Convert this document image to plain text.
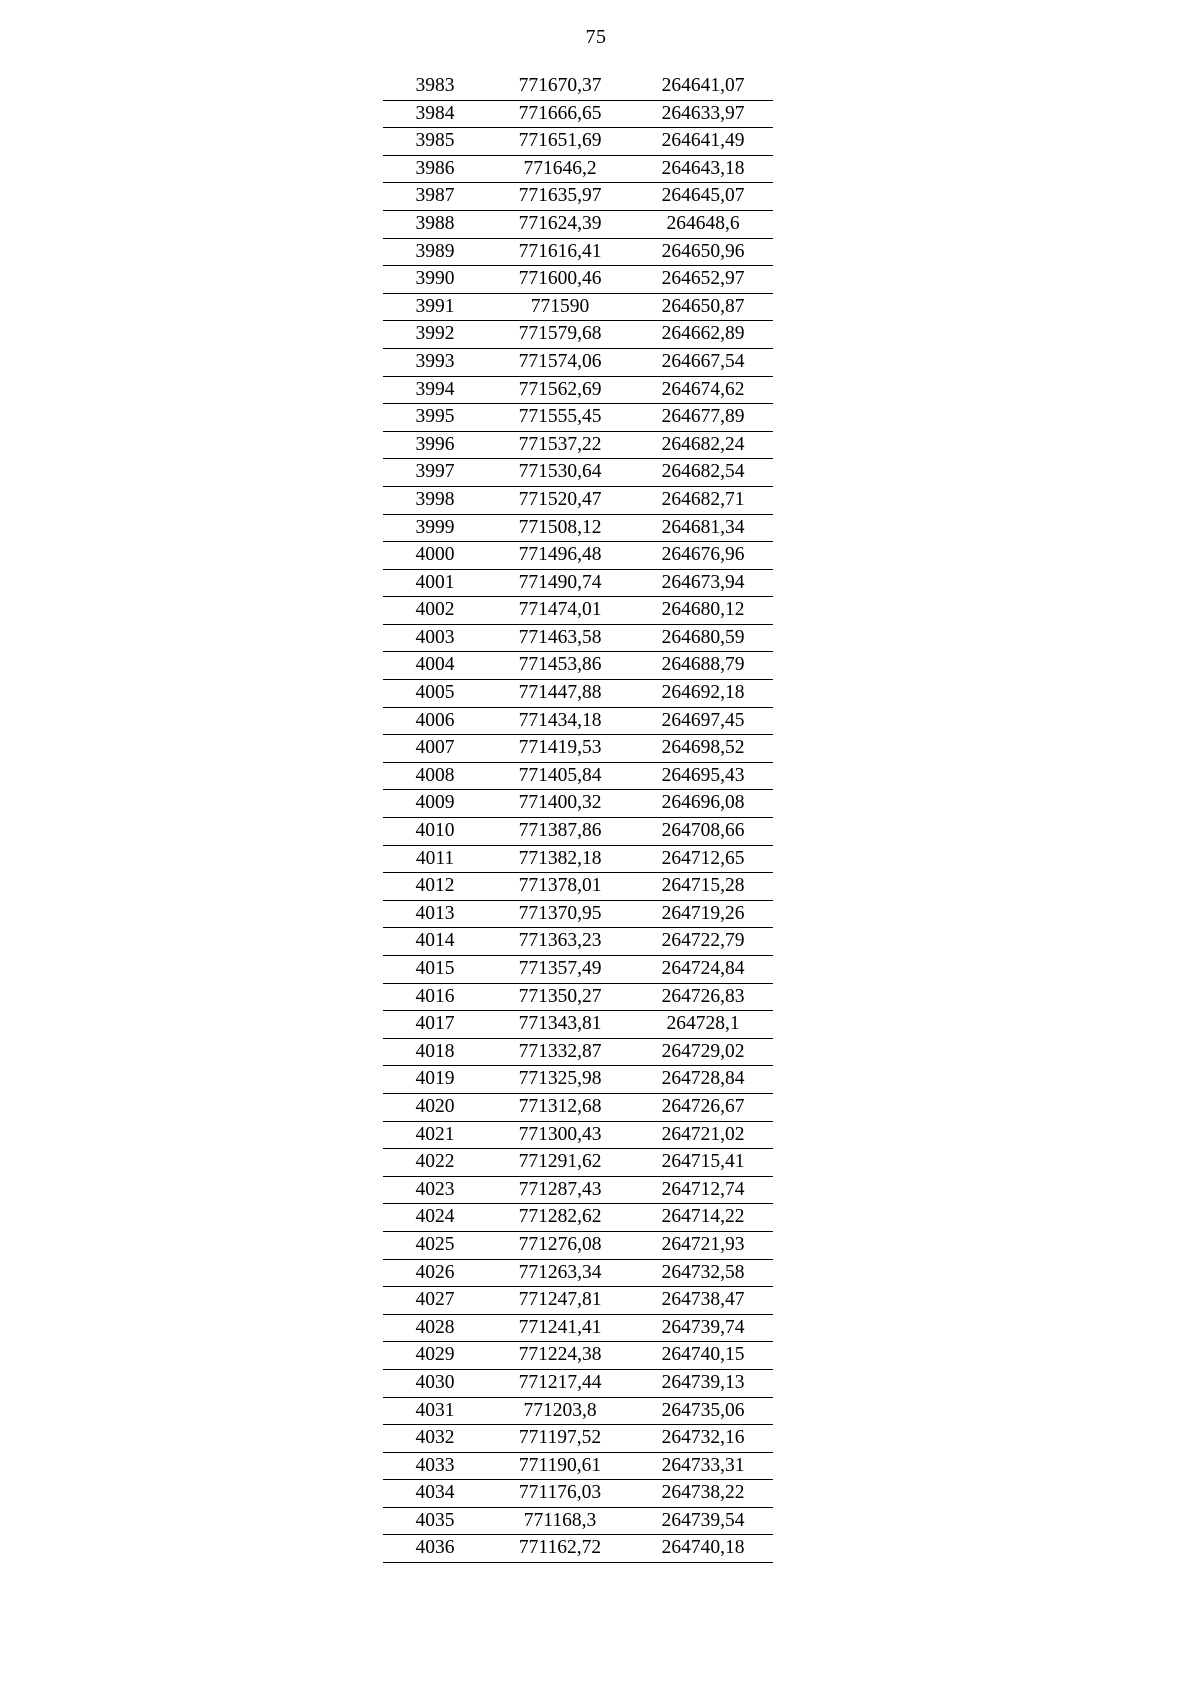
75
3983	771670,37	264641,07
3984	771666,65	264633,97
3985	771651,69	264641,49
3986	771646,2	264643,18
3987	771635,97	264645,07
3988	771624,39	264648,6
3989	771616,41	264650,96
3990	771600,46	264652,97
3991	771590	264650,87
3992	771579,68	264662,89
3993	771574,06	264667,54
3994	771562,69	264674,62
3995	771555,45	264677,89
3996	771537,22	264682,24
3997	771530,64	264682,54
3998	771520,47	264682,71
3999	771508,12	264681,34
4000	771496,48	264676,96
4001	771490,74	264673,94
4002	771474,01	264680,12
4003	771463,58	264680,59
4004	771453,86	264688,79
4005	771447,88	264692,18
4006	771434,18	264697,45
4007	771419,53	264698,52
4008	771405,84	264695,43
4009	771400,32	264696,08
4010	771387,86	264708,66
4011	771382,18	264712,65
4012	771378,01	264715,28
4013	771370,95	264719,26
4014	771363,23	264722,79
4015	771357,49	264724,84
4016	771350,27	264726,83
4017	771343,81	264728,1
4018	771332,87	264729,02
4019	771325,98	264728,84
4020	771312,68	264726,67
4021	771300,43	264721,02
4022	771291,62	264715,41
4023	771287,43	264712,74
4024	771282,62	264714,22
4025	771276,08	264721,93
4026	771263,34	264732,58
4027	771247,81	264738,47
4028	771241,41	264739,74
4029	771224,38	264740,15
4030	771217,44	264739,13
4031	771203,8	264735,06
4032	771197,52	264732,16
4033	771190,61	264733,31
4034	771176,03	264738,22
4035	771168,3	264739,54
4036	771162,72	264740,18
